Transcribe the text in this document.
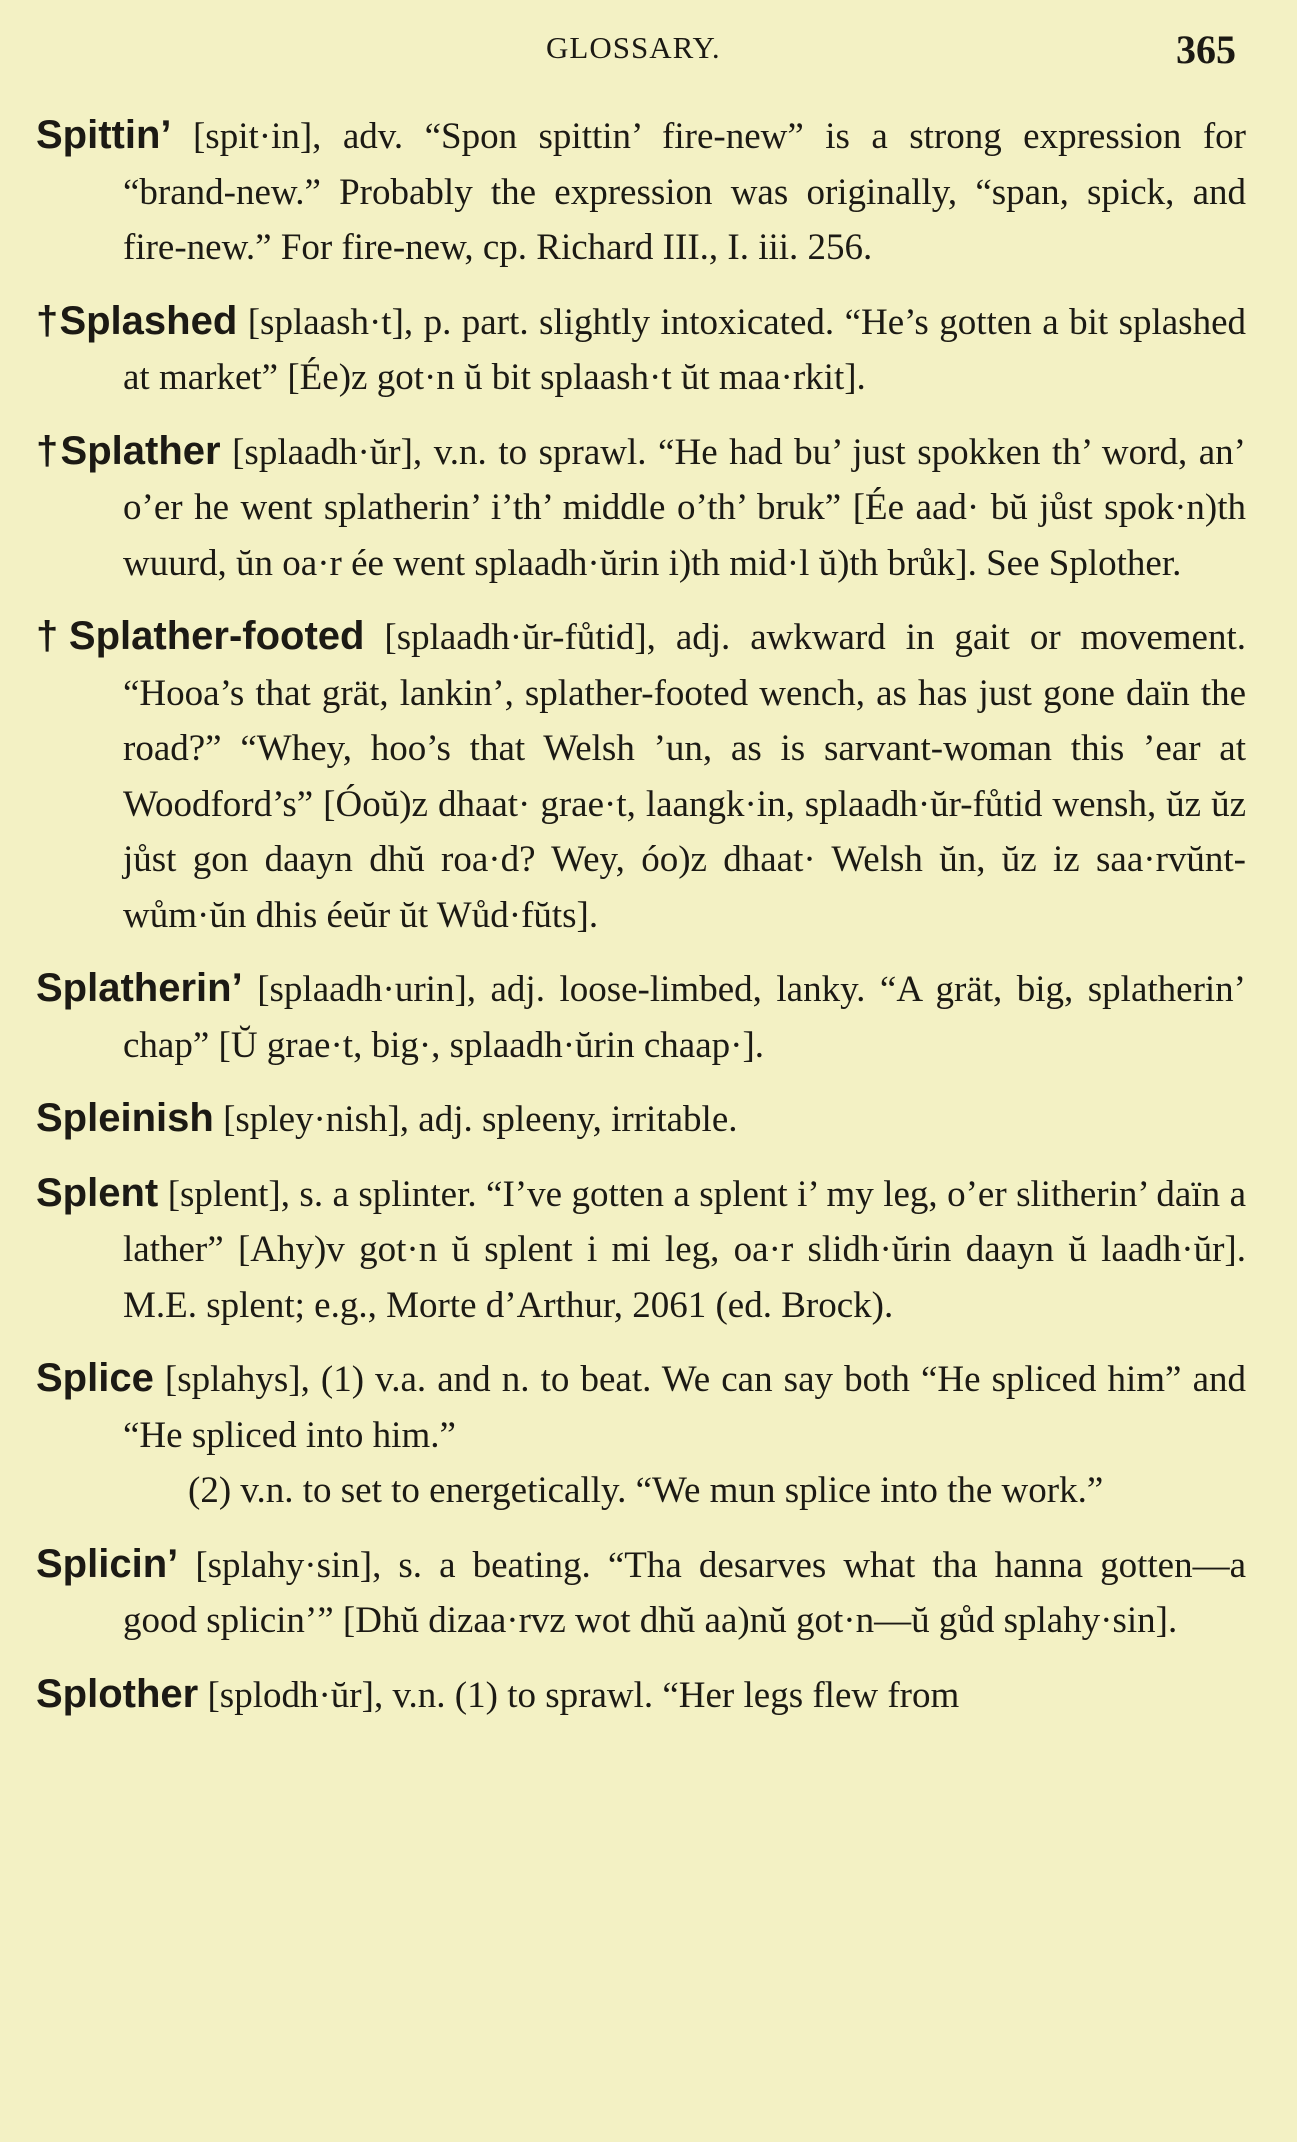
GLOSSARY.	365

Spittin’ [spit·in], adv. “Spon spittin’ fire-new” is a strong expression for “brand-new.” Probably the expression was originally, “span, spick, and fire-new.” For fire-new, cp. Richard III., I. iii. 256.

†Splashed [splaash·t], p. part. slightly intoxicated. “He’s gotten a bit splashed at market” [Ée)z got·n ŭ bit splaash·t ŭt maa·rkit].

†Splather [splaadh·ŭr], v.n. to sprawl. “He had bu’ just spokken th’ word, an’ o’er he went splatherin’ i’th’ middle o’th’ bruk” [Ée aad· bŭ jůst spok·n)th wuurd, ŭn oa·r ée went splaadh·ŭrin i)th mid·l ŭ)th brůk]. See Splother.

†Splather-footed [splaadh·ŭr-fůtid], adj. awkward in gait or movement. “Hooa’s that grät, lankin’, splather-footed wench, as has just gone daïn the road?” “Whey, hoo’s that Welsh ’un, as is sarvant-woman this ’ear at Woodford’s” [Óoŭ)z dhaat· grae·t, laangk·in, splaadh·ŭr-fůtid wensh, ŭz ŭz jůst gon daayn dhŭ roa·d? Wey, óo)z dhaat· Welsh ŭn, ŭz iz saa·rvŭnt-wům·ŭn dhis éeŭr ŭt Wůd·fŭts].

Splatherin’ [splaadh·urin], adj. loose-limbed, lanky. “A grät, big, splatherin’ chap” [Ŭ grae·t, big·, splaadh·ŭrin chaap·].

Spleinish [spley·nish], adj. spleeny, irritable.

Splent [splent], s. a splinter. “I’ve gotten a splent i’ my leg, o’er slitherin’ daïn a lather” [Ahy)v got·n ŭ splent i mi leg, oa·r slidh·ŭrin daayn ŭ laadh·ŭr]. M.E. splent; e.g., Morte d’Arthur, 2061 (ed. Brock).

Splice [splahys], (1) v.a. and n. to beat. We can say both “He spliced him” and “He spliced into him.”
(2) v.n. to set to energetically. “We mun splice into the work.”

Splicin’ [splahy·sin], s. a beating. “Tha desarves what tha hanna gotten—a good splicin’” [Dhŭ dizaa·rvz wot dhŭ aa)nŭ got·n—ŭ gůd splahy·sin].

Splother [splodh·ŭr], v.n. (1) to sprawl. “Her legs flew from
